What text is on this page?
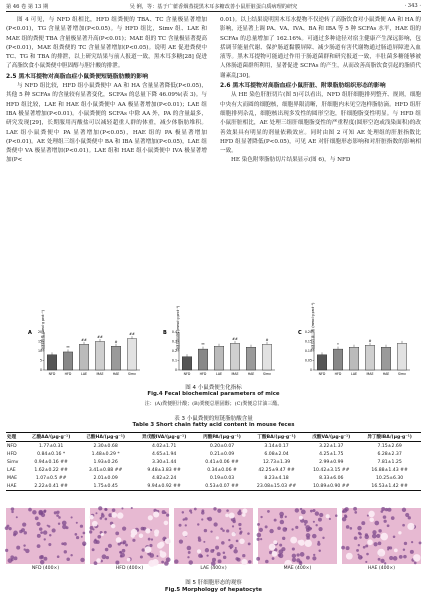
第 46 卷 第 13 期	吴 俐，等：基于广藿香烟蒸提黑木耳多糖改善小鼠肝脏蛋白质病理的研究	· 343 ·

图 4 可见，与 NFD 组相比，HFD 组粪便的 TBA、TC 含量极显著增加(P<0.01)，TG 含量显著增加(P<0.05)。与 HFD 组比，Simv 组、LAE 和 MAE 组的粪便 TBA 含量极显著升高(P<0.01)；MAE 组的 TC 含量极显著提高(P<0.01)，MAE 组粪便的 TC 含量显著增加(P<0.05)。说明 AE 促进粪便中 TC、TG 和 TBA 的排泄，以上研究结果与前人报道一致，黑木耳多糖[28] 促进了高脂饮食小鼠粪便中胆固醇与胆汁酸的排泄。

2.5 黑木耳提物对高脂血症小鼠粪便短链脂肪酸的影响

与 NFD 组比较，HFD 组小鼠粪便中 AA 和 HA 含量显著降低(P<0.05)，其他 5 种 SCFAs 的含量较有显著变化，SCFAs 的总量下降 46.09%(表 3)。与 HFD 组比较，LAE 和 HAE 组小鼠粪便中 AA 极显著增加(P<0.01)；LAE 组 IBA 极显著增加(P<0.01)。小鼠粪便的 SCFAs 中除 AA 外，PA 的含量最多，研究发现[29]，长期服用丙酸盐可以减轻超重人群的体重，减少体脂肪堆积。LAE 组小鼠粪便中 PA 显著增加(P<0.05)，HAE 组的 PA 极显著增加(P<0.01)。AE 处理组三组小鼠粪便中 BA 和 IBA 显著增加(P<0.05)，LAE 组粪便中 VA 极显著增加(P<0.01)。LAE 组和 HAE 组小鼠粪便中 IVA 极显著增加(P<

0.01)。以上结果说明黑木耳水提物不仅逆转了高脂饮食对小鼠粪便 AA 和 HA 的影响，还显著上调 PA、VA、IVA、BA 和 IBA 等 5 种 SCFAs 水平，HAE 组的 SCFAs 的总量增加了 162.16%。可通过多种途径对宿主健康产生深远影响，包括调节能量代谢、保护肠道黏膜屏障、减少肠道有害代谢物通过肠道屏障进入血液等。黑木耳提物可能通过作用于肠道菌群和研究报道一致，丰肚菌多糖能够被人体肠道菌群所利用，显著促进 SCFAs 的产生，从而改善高脂饮食引起的脂质代谢紊乱[30]。

2.6 黑木耳提物对高脂血症小鼠肝脏、附睾脂肪组织形态的影响

从 HE 染色肝脏切片(图 5)可以看出，NFD 组肝细胞排列整齐、规则，细胞中央有大而圆的细胞核，细胞界限清晰，肝细胞内未见空泡样脂肪滴。HFD 组肝细胞排列杂乱，细胞核出现多发性的圆形空泡，肝细胞脂变性明显。与 HFD 组小鼠肝脏相比，AE 处理三组肝细胞脂变性的严重程度(圆形空泡或浅染面积)的改善效果具有明显的剂量依赖效应。同时由图 2 可知 AE 处理组的肝脏指数比 HFD 组显著降低(P<0.05)，可见 AE 对肝细胞形态影响和对肝脏指数的影响相一致。

HE 染色附睾脂肪切片结果显示(图 6)，与 NFD

A	粪便胆汁酸 (μmol·g prot⁻¹)
0
5
10
15
20
NFD
**
HFD
##
LAE
##
MAE
#
HAE
##
Simv
B	粪便总胆固醇 (mmol·g prot⁻¹)
0
0.1
0.2
0.3
0.4
NFD
**
HFD	LAE
##
MAE	HAE
#
Simv
C	粪便总甘油三酯 (mmol·g prot⁻¹)
0
0.05
0.10
0.15
0.20
NFD
*
HFD	LAE
#
MAE	HAE	Simv
图 4 小鼠粪便生化指标
Fig.4 Fecal biochemical parameters of mice
注：(A)粪便胆汁酸；(B)粪便总胆固醇；(C)粪便总甘油三酯。
表 3 小鼠粪便的短链脂肪酸含量
Table 3 Short chain fatty acid content in mouse feces
处理	乙酸AA/(μg·g⁻¹)	己酸HA/(μg·g⁻¹)	异戊酸IVA/(μg·g⁻¹)	丙酸PA/(μg·g⁻¹)	丁酸BA/(μg·g⁻¹)	戊酸VA/(μg·g⁻¹)	异丁酸IBA/(μg·g⁻¹)
NFD	1.77±0.31	2.30±0.68	4.02±1.71	0.20±0.07	3.14±0.17	3.22±1.37	7.15±2.69
HFD	0.84±0.16 *	1.48±0.29 *	4.65±1.94	0.21±0.09	6.08±2.04	4.25±1.75	6.28±2.37
Simv	0.94±0.16 ##	1.93±0.26	3.30±1.44	0.41±0.06 ##	12.73±1.39	2.99±0.99	7.81±1.25
LAE	1.62±0.22 ##	3.41±0.88 ##	9.48±3.83 ##	0.34±0.06 #	42.25±9.47 ##	10.42±3.15 ##	16.88±1.43 ##
MAE	1.07±0.5 ##	2.01±0.09	4.82±2.24	0.19±0.03	8.23±4.18	8.33±6.06	10.25±6.30
HAE	2.22±0.41 ##	1.75±0.45	9.94±0.92 ##	0.53±0.07 ##	23.08±15.03 ##	10.89±0.90 ##	16.53±1.42 ##
NFD (400×)	HFD (400×)	LAE (400×)	MAE (400×)	HAE (400×)
图 5 肝细胞形态的观察
Fig.5 Morphology of hepatocyte
